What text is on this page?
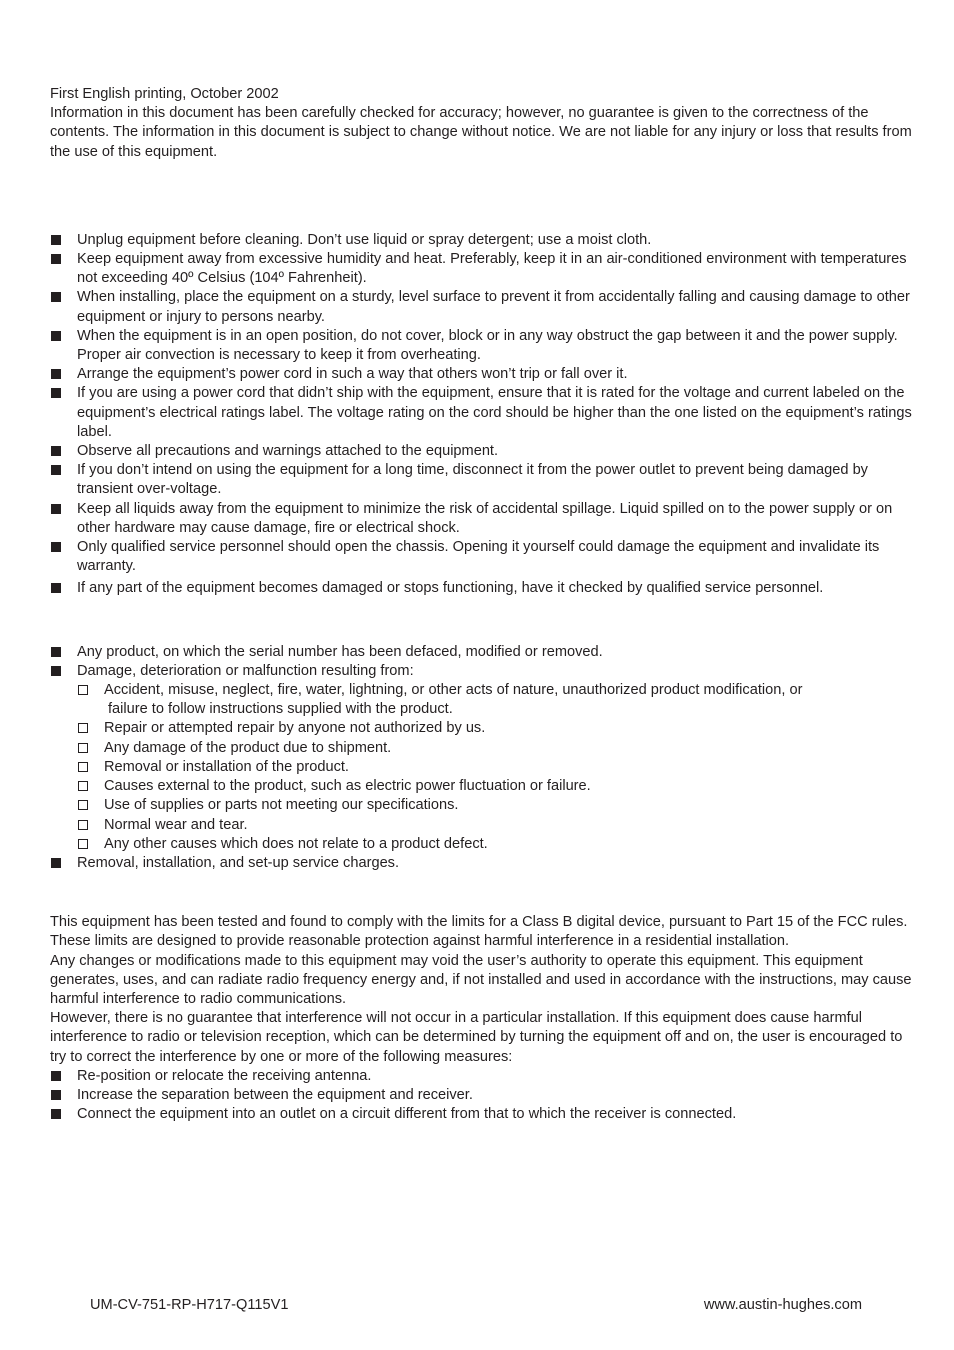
First English printing, October 2002

Information in this document has been carefully checked for accuracy; however, no guarantee is given to the correctness of the contents. The information in this document is subject to change without notice. We are not liable for any injury or loss that results from the use of this equipment.

Unplug equipment before cleaning. Don’t use liquid or spray detergent; use a moist cloth.
Keep equipment away from excessive humidity and heat. Preferably, keep it in an air-conditioned environment with temperatures not exceeding 40º Celsius (104º Fahrenheit).
When installing, place the equipment on a sturdy, level surface to prevent it from accidentally falling and causing damage to other equipment or injury to persons nearby.
When the equipment is in an open position, do not cover, block or in any way obstruct the gap between it and the power supply. Proper air convection is necessary to keep it from overheating.
Arrange the equipment’s power cord in such a way that others won’t trip or fall over it.
If you are using a power cord that didn’t ship with the equipment, ensure that it is rated for the voltage and current labeled on the equipment’s electrical ratings label. The voltage rating on the cord should be higher than the one listed on the equipment’s ratings label.
Observe all precautions and warnings attached to the equipment.
If you don’t intend on using the equipment for a long time, disconnect it from the power outlet to prevent being damaged by transient over-voltage.
Keep all liquids away from the equipment to minimize the risk of accidental spillage. Liquid spilled on to the power supply or on other hardware may cause damage, fire or electrical shock.
Only qualified service personnel should open the chassis. Opening it yourself could damage the equipment and invalidate its warranty.
If any part of the equipment becomes damaged or stops functioning, have it checked by qualified service personnel.
Any product, on which the serial number has been defaced, modified or removed.
Damage, deterioration or malfunction resulting from:
Accident, misuse, neglect, fire, water, lightning, or other acts of nature, unauthorized product modification, or
failure to follow instructions supplied with the product.
Repair or attempted repair by anyone not authorized by us.
Any damage of the product due to shipment.
Removal or installation of the product.
Causes external to the product, such as electric power fluctuation or failure.
Use of supplies or parts not meeting our specifications.
Normal wear and tear.
Any other causes which does not relate to a product defect.
Removal, installation, and set-up service charges.

This equipment has been tested and found to comply with the limits for a Class B digital device, pursuant to Part 15 of the FCC rules. These limits are designed to provide reasonable protection against harmful interference in a residential installation.

Any changes or modifications made to this equipment may void the user’s authority to operate this equipment. This equipment generates, uses, and can radiate radio frequency energy and, if not installed and used in accordance with the instructions, may cause harmful interference to radio communications.

However, there is no guarantee that interference will not occur in a particular installation. If this equipment does cause harmful interference to radio or television reception, which can be determined by turning the equipment off and on, the user is encouraged to try to correct the interference by one or more of the following measures:

Re-position or relocate the receiving antenna.
Increase the separation between the equipment and receiver.
Connect the equipment into an outlet on a circuit different from that to which the receiver is connected.
UM-CV-751-RP-H717-Q115V1	www.austin-hughes.com
